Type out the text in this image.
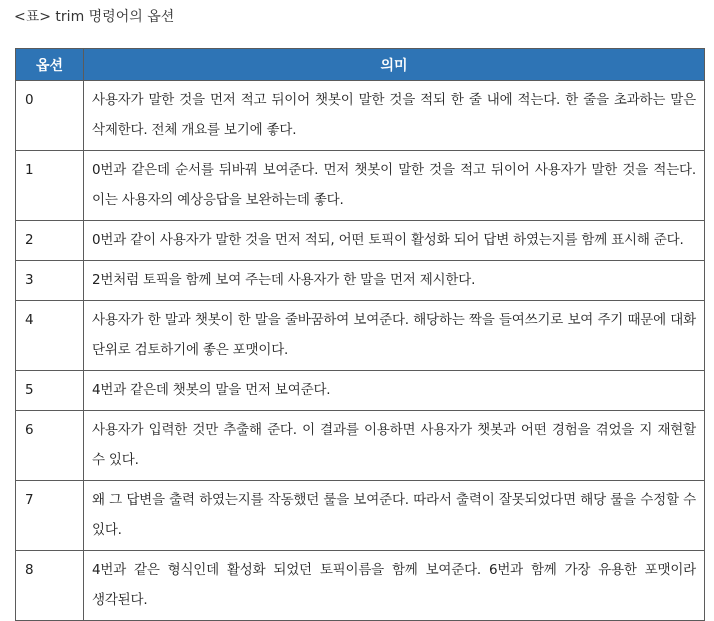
<표> trim 명령어의 옵션
옵션	의미
0	사용자가 말한 것을 먼저 적고 뒤이어 챗봇이 말한 것을 적되 한 줄 내에 적는다. 한 줄을 초과하는 말은 삭제한다. 전체 개요를 보기에 좋다.
1	0번과 같은데 순서를 뒤바꿔 보여준다. 먼저 챗봇이 말한 것을 적고 뒤이어 사용자가 말한 것을 적는다. 이는 사용자의 예상응답을 보완하는데 좋다.
2	0번과 같이 사용자가 말한 것을 먼저 적되, 어떤 토픽이 활성화 되어 답변 하였는지를 함께 표시해 준다.
3	2번처럼 토픽을 함께 보여 주는데 사용자가 한 말을 먼저 제시한다.
4	사용자가 한 말과 챗봇이 한 말을 줄바꿈하여 보여준다. 해당하는 짝을 들여쓰기로 보여 주기 때문에 대화 단위로 검토하기에 좋은 포맷이다.
5	4번과 같은데 챗봇의 말을 먼저 보여준다.
6	사용자가 입력한 것만 추출해 준다. 이 결과를 이용하면 사용자가 챗봇과 어떤 경험을 겪었을 지 재현할 수 있다.
7	왜 그 답변을 출력 하였는지를 작동했던 룰을 보여준다. 따라서 출력이 잘못되었다면 해당 룰을 수정할 수 있다.
8	4번과 같은 형식인데 활성화 되었던 토픽이름을 함께 보여준다. 6번과 함께 가장 유용한 포맷이라 생각된다.
